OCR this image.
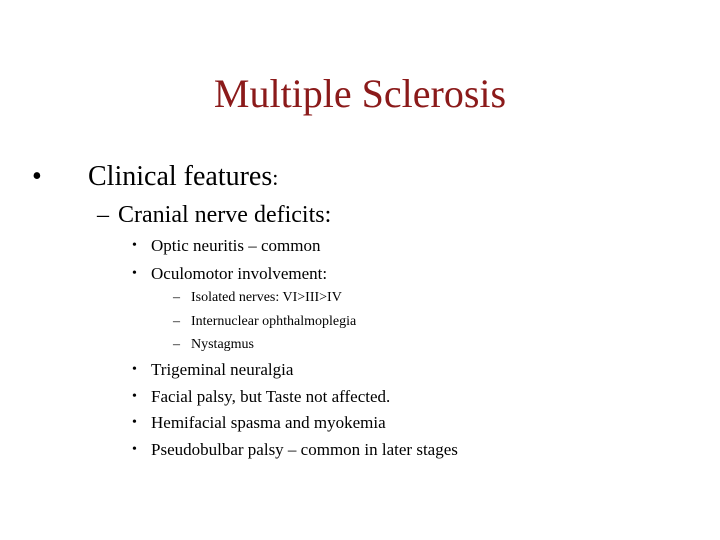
Multiple Sclerosis
• Clinical features:
– Cranial nerve deficits:
• Optic neuritis – common
• Oculomotor involvement:
– Isolated nerves: VI>III>IV
– Internuclear ophthalmoplegia
– Nystagmus
• Trigeminal neuralgia
• Facial palsy, but Taste not affected.
• Hemifacial spasma and myokemia
• Pseudobulbar palsy – common in later stages
